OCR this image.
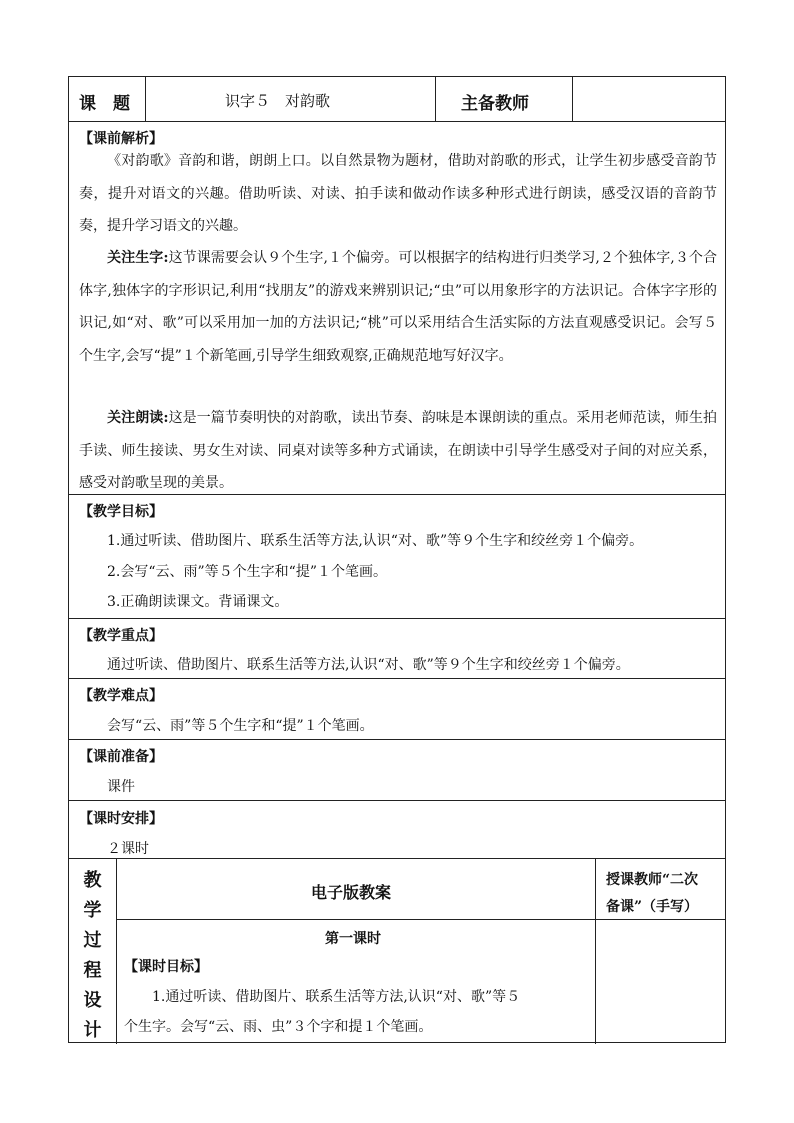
课　题	识字５　对韵歌	主备教师
【课前解析】
《对韵歌》音韵和谐，朗朗上口。以自然景物为题材，借助对韵歌的形式，让学生初步感受音韵节奏，提升对语文的兴趣。借助听读、对读、拍手读和做动作读多种形式进行朗读，感受汉语的音韵节奏，提升学习语文的兴趣。
关注生字:这节课需要会认９个生字,１个偏旁。可以根据字的结构进行归类学习,２个独体字,３个合体字,独体字的字形识记,利用“找朋友”的游戏来辨别识记;“虫”可以用象形字的方法识记。合体字字形的识记,如“对、歌”可以采用加一加的方法识记;“桃”可以采用结合生活实际的方法直观感受识记。会写５个生字,会写“提”１个新笔画,引导学生细致观察,正确规范地写好汉字。
关注朗读:这是一篇节奏明快的对韵歌，读出节奏、韵味是本课朗读的重点。采用老师范读，师生拍手读、师生接读、男女生对读、同桌对读等多种方式诵读，在朗读中引导学生感受对子间的对应关系，感受对韵歌呈现的美景。
【教学目标】
1.通过听读、借助图片、联系生活等方法,认识“对、歌”等９个生字和绞丝旁１个偏旁。
2.会写“云、雨”等５个生字和“提”１个笔画。
3.正确朗读课文。背诵课文。
【教学重点】
通过听读、借助图片、联系生活等方法,认识“对、歌”等９个生字和绞丝旁１个偏旁。
【教学难点】
会写“云、雨”等５个生字和“提”１个笔画。
【课前准备】
课件
【课时安排】
２课时
教
学
过
程
设
计
电子版教案
授课教师“二次
备课”（手写）
第一课时
【课时目标】
1.通过听读、借助图片、联系生活等方法,认识“对、歌”等５
个生字。会写“云、雨、虫”３个字和提１个笔画。
